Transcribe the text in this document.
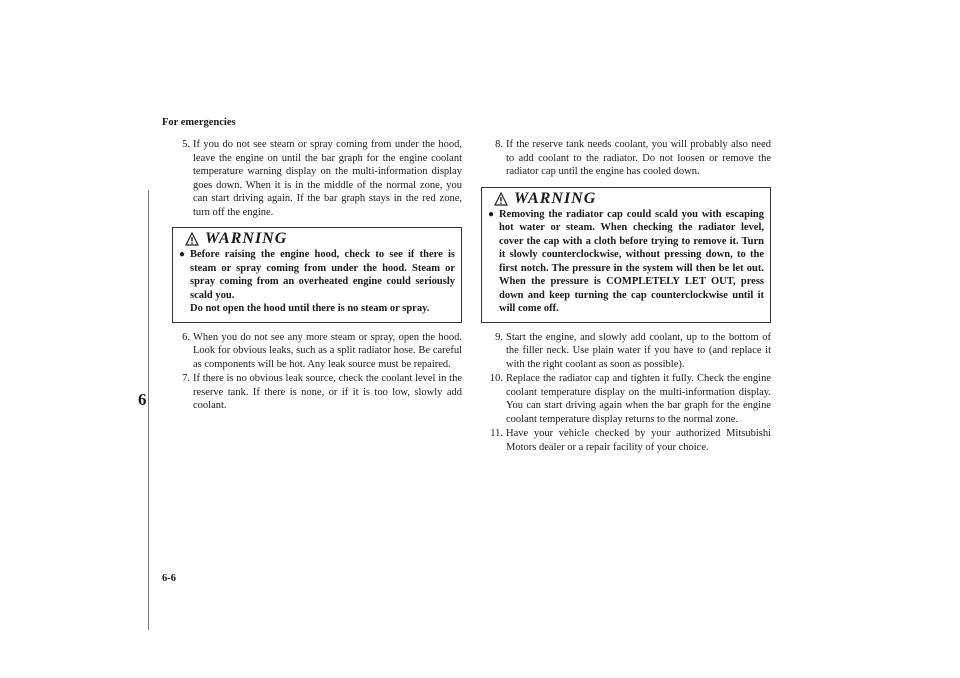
For emergencies
6
6-6
5. If you do not see steam or spray coming from under the hood, leave the engine on until the bar graph for the engine coolant temperature warning display on the multi-information display goes down. When it is in the middle of the normal zone, you can start driving again. If the bar graph stays in the red zone, turn off the engine.
WARNING
● Before raising the engine hood, check to see if there is steam or spray coming from under the hood. Steam or spray coming from an overheated engine could seriously scald you.

Do not open the hood until there is no steam or spray.

6. When you do not see any more steam or spray, open the hood. Look for obvious leaks, such as a split radiator hose. Be careful as components will be hot. Any leak source must be repaired.
7. If there is no obvious leak source, check the coolant level in the reserve tank. If there is none, or if it is too low, slowly add coolant.
8. If the reserve tank needs coolant, you will probably also need to add coolant to the radiator. Do not loosen or remove the radiator cap until the engine has cooled down.
WARNING
● Removing the radiator cap could scald you with escaping hot water or steam. When checking the radiator level, cover the cap with a cloth before trying to remove it. Turn it slowly counterclockwise, without pressing down, to the first notch. The pressure in the system will then be let out. When the pressure is COMPLETELY LET OUT, press down and keep turning the cap counterclockwise until it will come off.

9. Start the engine, and slowly add coolant, up to the bottom of the filler neck. Use plain water if you have to (and replace it with the right coolant as soon as possible).
10. Replace the radiator cap and tighten it fully. Check the engine coolant temperature display on the multi-information display. You can start driving again when the bar graph for the engine coolant temperature display returns to the normal zone.
11. Have your vehicle checked by your authorized Mitsubishi Motors dealer or a repair facility of your choice.
